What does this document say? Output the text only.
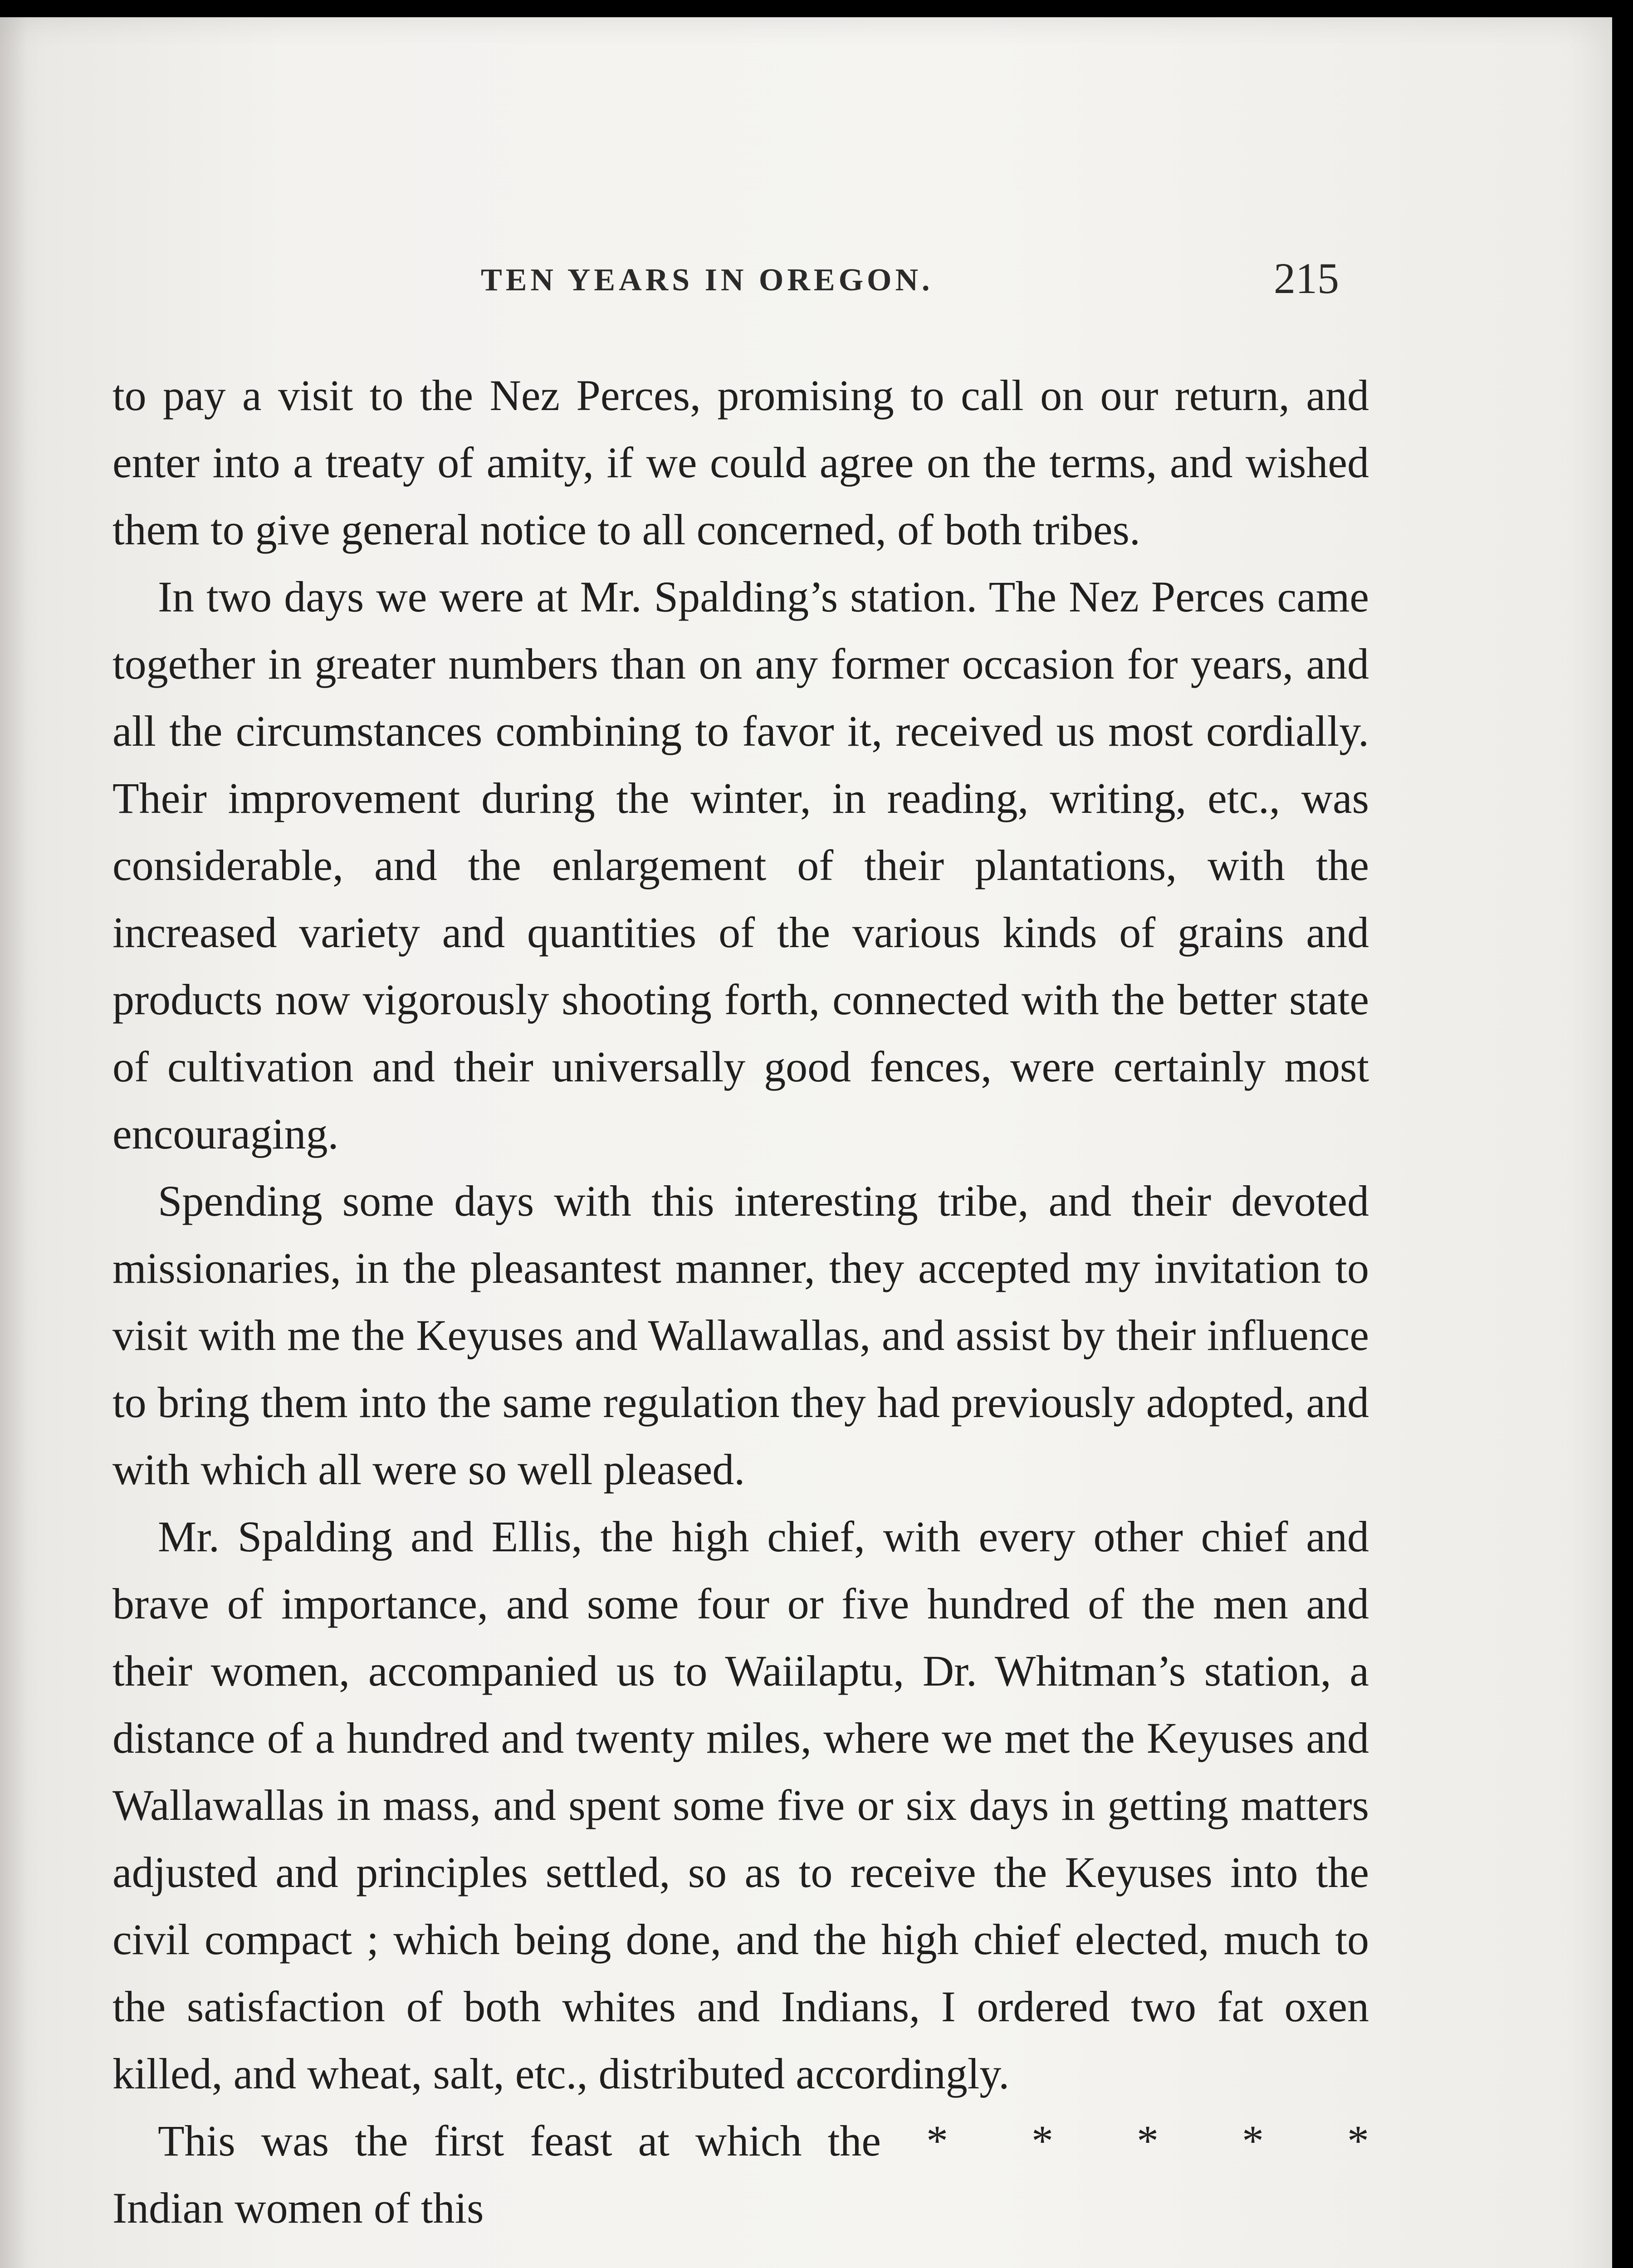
TEN YEARS IN OREGON.	215

to pay a visit to the Nez Perces, promising to call on our return, and enter into a treaty of amity, if we could agree on the terms, and wished them to give general notice to all concerned, of both tribes.

In two days we were at Mr. Spalding’s station. The Nez Perces came together in greater numbers than on any former occasion for years, and all the circumstances combining to favor it, received us most cordially. Their improvement during the winter, in reading, writing, etc., was considerable, and the enlargement of their plantations, with the increased variety and quantities of the various kinds of grains and products now vigorously shooting forth, connected with the better state of cultivation and their universally good fences, were certainly most encouraging.

Spending some days with this interesting tribe, and their devoted missionaries, in the pleasantest manner, they accepted my invitation to visit with me the Keyuses and Wallawallas, and assist by their influence to bring them into the same regulation they had previously adopted, and with which all were so well pleased.

Mr. Spalding and Ellis, the high chief, with every other chief and brave of importance, and some four or five hundred of the men and their women, accompanied us to Waiilaptu, Dr. Whitman’s station, a distance of a hundred and twenty miles, where we met the Keyuses and Wallawallas in mass, and spent some five or six days in getting matters adjusted and principles settled, so as to receive the Keyuses into the civil compact ; which being done, and the high chief elected, much to the satisfaction of both whites and Indians, I ordered two fat oxen killed, and wheat, salt, etc., distributed accordingly.
* * * * *

This was the first feast at which the Indian women of this
